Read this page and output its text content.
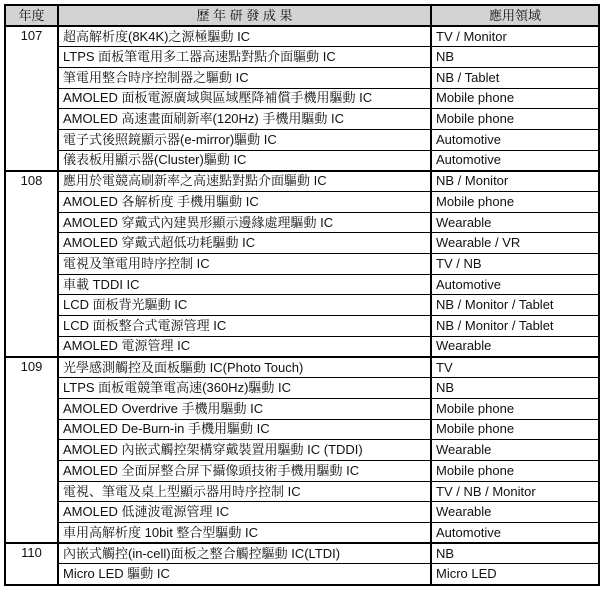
年度	歷 年 研 發 成 果	應用領域
107	超高解析度(8K4K)之源極驅動 IC	TV / Monitor
	LTPS 面板筆電用多工器高速點對點介面驅動 IC	NB
	筆電用整合時序控制器之驅動 IC	NB / Tablet
	AMOLED 面板電源廣域與區域壓降補償手機用驅動 IC	Mobile phone
	AMOLED 高速畫面刷新率(120Hz) 手機用驅動 IC	Mobile phone
	電子式後照鏡顯示器(e-mirror)驅動 IC	Automotive
	儀表板用顯示器(Cluster)驅動 IC	Automotive
108	應用於電競高刷新率之高速點對點介面驅動 IC	NB / Monitor
	AMOLED 各解析度 手機用驅動 IC	Mobile phone
	AMOLED 穿戴式內建異形顯示邊緣處理驅動 IC	Wearable
	AMOLED 穿戴式超低功耗驅動 IC	Wearable / VR
	電視及筆電用時序控制 IC	TV / NB
	車載 TDDI IC	Automotive
	LCD 面板背光驅動 IC	NB / Monitor / Tablet
	LCD 面板整合式電源管理 IC	NB / Monitor / Tablet
	AMOLED 電源管理 IC	Wearable
109	光學感測觸控及面板驅動 IC(Photo Touch)	TV
	LTPS 面板電競筆電高速(360Hz)驅動 IC	NB
	AMOLED Overdrive 手機用驅動 IC	Mobile phone
	AMOLED De-Burn-in 手機用驅動 IC	Mobile phone
	AMOLED 內嵌式觸控架構穿戴裝置用驅動 IC (TDDI)	Wearable
	AMOLED 全面屏整合屏下攝像頭技術手機用驅動 IC	Mobile phone
	電視、筆電及桌上型顯示器用時序控制 IC	TV / NB / Monitor
	AMOLED 低漣波電源管理 IC	Wearable
	車用高解析度 10bit 整合型驅動 IC	Automotive
110	內嵌式觸控(in-cell)面板之整合觸控驅動 IC(LTDI)	NB
	Micro LED 驅動 IC	Micro LED
